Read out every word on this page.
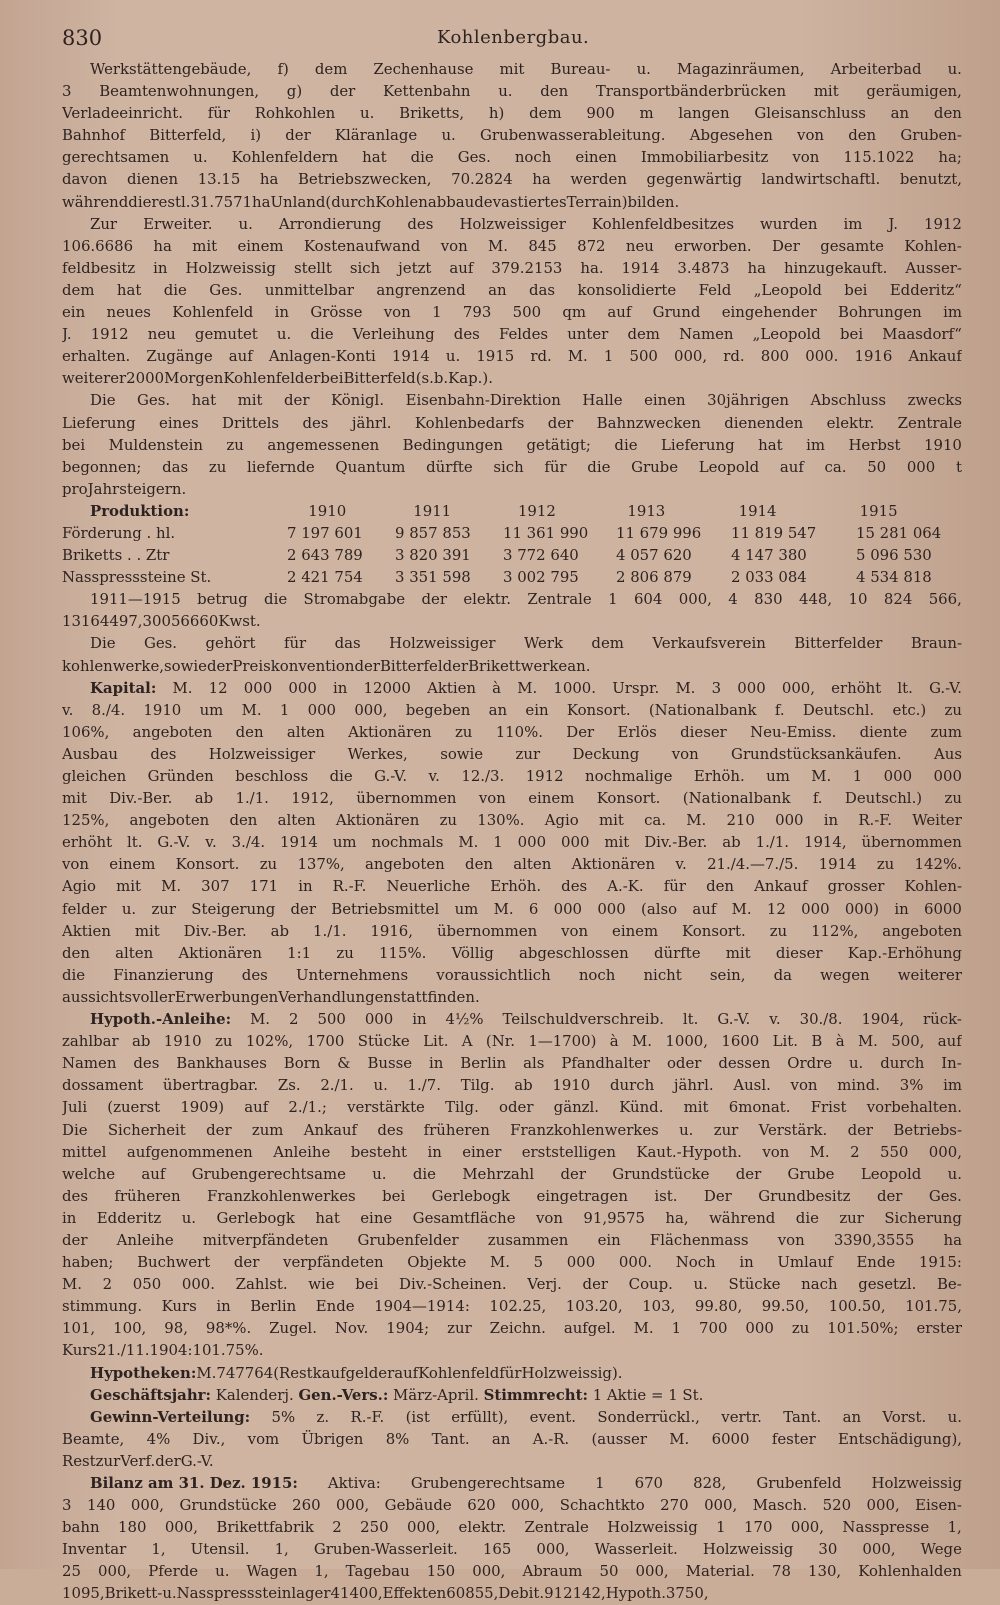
830	Kohlenbergbau.
Werkstättengebäude, f) dem Zechenhause mit Bureau- u. Magazinräumen, Arbeiterbad u.
3 Beamtenwohnungen, g) der Kettenbahn u. den Transportbänderbrücken mit geräumigen,
Verladeeinricht. für Rohkohlen u. Briketts, h) dem 900 m langen Gleisanschluss an den
Bahnhof Bitterfeld, i) der Kläranlage u. Grubenwasserableitung. Abgesehen von den Gruben-
gerechtsamen u. Kohlenfeldern hat die Ges. noch einen Immobiliarbesitz von 115.1022 ha;
davon dienen 13.15 ha Betriebszwecken, 70.2824 ha werden gegenwärtig landwirtschaftl. benutzt,
während die restl. 31.7571 ha Unland (durch Kohlenabbau devastiertes Terrain) bilden.
Zur Erweiter. u. Arrondierung des Holzweissiger Kohlenfeldbesitzes wurden im J. 1912
106.6686 ha mit einem Kostenaufwand von M. 845 872 neu erworben. Der gesamte Kohlen-
feldbesitz in Holzweissig stellt sich jetzt auf 379.2153 ha. 1914 3.4873 ha hinzugekauft. Ausser-
dem hat die Ges. unmittelbar angrenzend an das konsolidierte Feld „Leopold bei Edderitz“
ein neues Kohlenfeld in Grösse von 1 793 500 qm auf Grund eingehender Bohrungen im
J. 1912 neu gemutet u. die Verleihung des Feldes unter dem Namen „Leopold bei Maasdorf“
erhalten. Zugänge auf Anlagen-Konti 1914 u. 1915 rd. M. 1 500 000, rd. 800 000. 1916 Ankauf
weiterer 2000 Morgen Kohlenfelder bei Bitterfeld (s. b. Kap.).
Die Ges. hat mit der Königl. Eisenbahn-Direktion Halle einen 30jährigen Abschluss zwecks
Lieferung eines Drittels des jährl. Kohlenbedarfs der Bahnzwecken dienenden elektr. Zentrale
bei Muldenstein zu angemessenen Bedingungen getätigt; die Lieferung hat im Herbst 1910
begonnen; das zu liefernde Quantum dürfte sich für die Grube Leopold auf ca. 50 000 t
pro Jahr steigern.
Produktion:	1910	1911	1912	1913	1914	1915
Förderung . hl.	7 197 601	9 857 853	11 361 990	11 679 996	11 819 547	15 281 064
Briketts . . Ztr	2 643 789	3 820 391	3 772 640	4 057 620	4 147 380	5 096 530
Nasspresssteine St.	2 421 754	3 351 598	3 002 795	2 806 879	2 033 084	4 534 818
1911—1915 betrug die Stromabgabe der elektr. Zentrale 1 604 000, 4 830 448, 10 824 566,
13 164 497, 30 056 660 Kwst.
Die Ges. gehört für das Holzweissiger Werk dem Verkaufsverein Bitterfelder Braun-
kohlenwerke, sowie der Preiskonvention der Bitterfelder Brikettwerke an.
Kapital: M. 12 000 000 in 12000 Aktien à M. 1000. Urspr. M. 3 000 000, erhöht lt. G.-V.
v. 8./4. 1910 um M. 1 000 000, begeben an ein Konsort. (Nationalbank f. Deutschl. etc.) zu
106%, angeboten den alten Aktionären zu 110%. Der Erlös dieser Neu-Emiss. diente zum
Ausbau des Holzweissiger Werkes, sowie zur Deckung von Grundstücksankäufen. Aus
gleichen Gründen beschloss die G.-V. v. 12./3. 1912 nochmalige Erhöh. um M. 1 000 000
mit Div.-Ber. ab 1./1. 1912, übernommen von einem Konsort. (Nationalbank f. Deutschl.) zu
125%, angeboten den alten Aktionären zu 130%. Agio mit ca. M. 210 000 in R.-F. Weiter
erhöht lt. G.-V. v. 3./4. 1914 um nochmals M. 1 000 000 mit Div.-Ber. ab 1./1. 1914, übernommen
von einem Konsort. zu 137%, angeboten den alten Aktionären v. 21./4.—7./5. 1914 zu 142%.
Agio mit M. 307 171 in R.-F. Neuerliche Erhöh. des A.-K. für den Ankauf grosser Kohlen-
felder u. zur Steigerung der Betriebsmittel um M. 6 000 000 (also auf M. 12 000 000) in 6000
Aktien mit Div.-Ber. ab 1./1. 1916, übernommen von einem Konsort. zu 112%, angeboten
den alten Aktionären 1:1 zu 115%. Völlig abgeschlossen dürfte mit dieser Kap.-Erhöhung
die Finanzierung des Unternehmens voraussichtlich noch nicht sein, da wegen weiterer
aussichtsvoller Erwerbungen Verhandlungen stattfinden.
Hypoth.-Anleihe: M. 2 500 000 in 4½% Teilschuldverschreib. lt. G.-V. v. 30./8. 1904, rück-
zahlbar ab 1910 zu 102%, 1700 Stücke Lit. A (Nr. 1—1700) à M. 1000, 1600 Lit. B à M. 500, auf
Namen des Bankhauses Born & Busse in Berlin als Pfandhalter oder dessen Ordre u. durch In-
dossament übertragbar. Zs. 2./1. u. 1./7. Tilg. ab 1910 durch jährl. Ausl. von mind. 3% im
Juli (zuerst 1909) auf 2./1.; verstärkte Tilg. oder gänzl. Künd. mit 6monat. Frist vorbehalten.
Die Sicherheit der zum Ankauf des früheren Franzkohlenwerkes u. zur Verstärk. der Betriebs-
mittel aufgenommenen Anleihe besteht in einer erststelligen Kaut.-Hypoth. von M. 2 550 000,
welche auf Grubengerechtsame u. die Mehrzahl der Grundstücke der Grube Leopold u.
des früheren Franzkohlenwerkes bei Gerlebogk eingetragen ist. Der Grundbesitz der Ges.
in Edderitz u. Gerlebogk hat eine Gesamtfläche von 91,9575 ha, während die zur Sicherung
der Anleihe mitverpfändeten Grubenfelder zusammen ein Flächenmass von 3390,3555 ha
haben; Buchwert der verpfändeten Objekte M. 5 000 000. Noch in Umlauf Ende 1915:
M. 2 050 000. Zahlst. wie bei Div.-Scheinen. Verj. der Coup. u. Stücke nach gesetzl. Be-
stimmung. Kurs in Berlin Ende 1904—1914: 102.25, 103.20, 103, 99.80, 99.50, 100.50, 101.75,
101, 100, 98, 98*%. Zugel. Nov. 1904; zur Zeichn. aufgel. M. 1 700 000 zu 101.50%; erster
Kurs 21./11. 1904: 101.75%.
Hypotheken: M. 747 764 (Restkaufgelder auf Kohlenfeld für Holzweissig).
Geschäftsjahr: Kalenderj. Gen.-Vers.: März-April. Stimmrecht: 1 Aktie = 1 St.
Gewinn-Verteilung: 5% z. R.-F. (ist erfüllt), event. Sonderrückl., vertr. Tant. an Vorst. u.
Beamte, 4% Div., vom Übrigen 8% Tant. an A.-R. (ausser M. 6000 fester Entschädigung),
Rest zur Verf. der G.-V.
Bilanz am 31. Dez. 1915: Aktiva: Grubengerechtsame 1 670 828, Grubenfeld Holzweissig
3 140 000, Grundstücke 260 000, Gebäude 620 000, Schachtkto 270 000, Masch. 520 000, Eisen-
bahn 180 000, Brikettfabrik 2 250 000, elektr. Zentrale Holzweissig 1 170 000, Nasspresse 1,
Inventar 1, Utensil. 1, Gruben-Wasserleit. 165 000, Wasserleit. Holzweissig 30 000, Wege
25 000, Pferde u. Wagen 1, Tagebau 150 000, Abraum 50 000, Material. 78 130, Kohlenhalden
1095, Brikett- u. Nasspresssteinlager 41 400, Effekten 60 855, Debit. 912 142, Hypoth. 3750,
